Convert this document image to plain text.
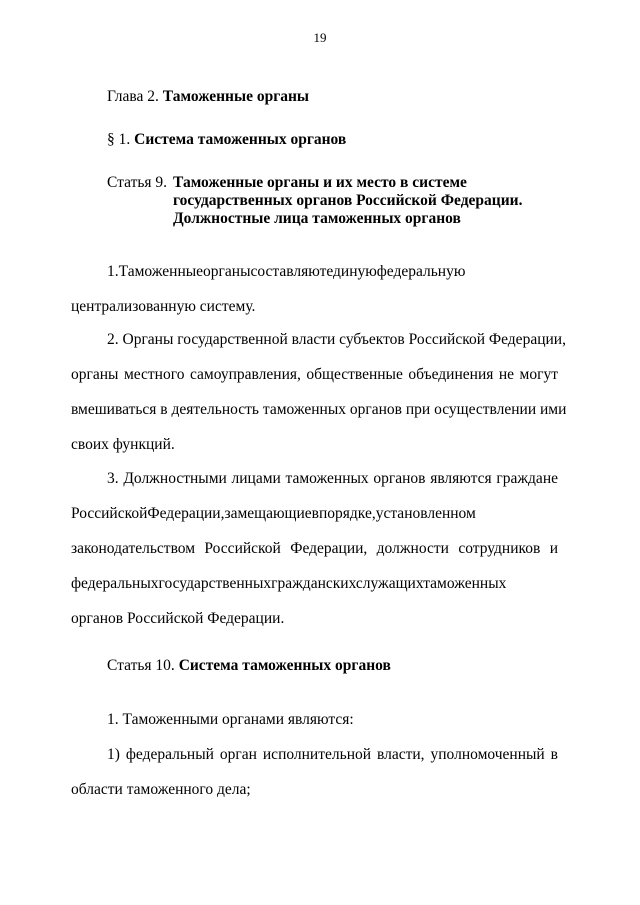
19
Глава 2. Таможенные органы
§ 1. Система таможенных органов
Статья 9. Таможенные органы и их место в системе
государственных органов Российской Федерации.
Должностные лица таможенных органов
1.Таможенныеорганысоставляютединуюфедеральную
централизованную систему.
2. Органы государственной власти субъектов Российской Федерации,
органы местного самоуправления, общественные объединения не могут
вмешиваться в деятельность таможенных органов при осуществлении ими
своих функций.
3. Должностными лицами таможенных органов являются граждане
РоссийскойФедерации,замещающиевпорядке,установленном
законодательством Российской Федерации, должности сотрудников и
федеральныхгосударственныхгражданскихслужащихтаможенных
органов Российской Федерации.
Статья 10. Система таможенных органов
1. Таможенными органами являются:
1) федеральный орган исполнительной власти, уполномоченный в
области таможенного дела;
